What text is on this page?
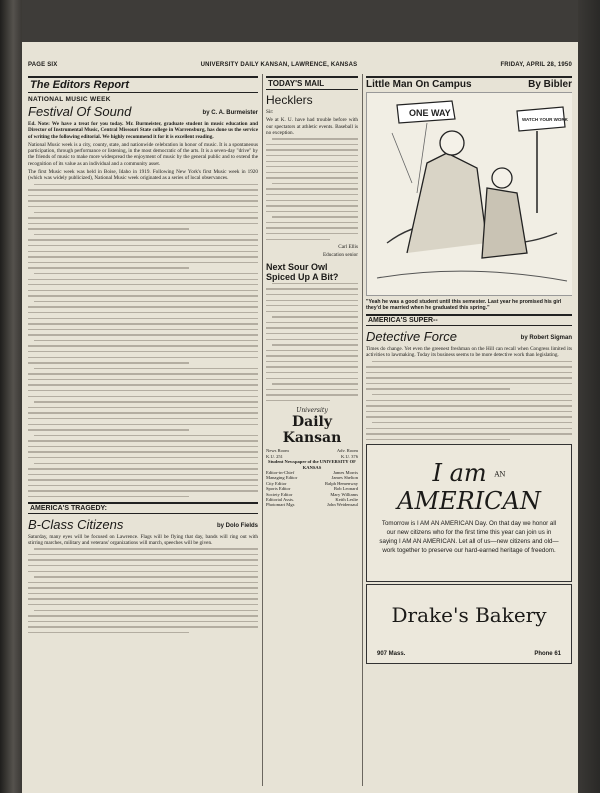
PAGE SIX	UNIVERSITY DAILY KANSAN, LAWRENCE, KANSAS	FRIDAY, APRIL 28, 1950
The Editors Report
NATIONAL MUSIC WEEK
Festival Of Sound	by C. A. Burmeister

Ed. Note: We have a treat for you today. Mr. Burmeister, graduate student in music education and Director of Instrumental Music, Central Missouri State college in Warrensburg, has done us the service of writing the following editorial. We highly recommend it for it is excellent reading.

National Music week is a city, county, state, and nationwide celebration in honor of music. It is a spontaneous participation, through performance or listening, in the most democratic of the arts. It is a seven-day "drive" by the friends of music to make more widespread the enjoyment of music by the general public and to extend the recognition of its value as an individual and a community asset.

The first Music week was held in Boise, Idaho in 1919. Following New York's first Music week in 1920 (which was widely publicized), National Music week originated as a series of local observances.

AMERICA'S TRAGEDY:
B-Class Citizens	by Dolo Fields

Saturday, many eyes will be focused on Lawrence. Flags will be flying that day, bands will ring out with stirring marches, military and veterans' organizations will march, speeches will be given.

TODAY'S MAIL
Hecklers

Sir:

We at K. U. have had trouble before with our spectators at athletic events. Baseball is no exception.

Carl Ellis

Education senior

Next Sour Owl Spiced Up A Bit?
University
Daily Kansan
News Room	Adv. Room
K.U. 251	K.U. 376
Student Newspaper of the UNIVERSITY OF KANSAS
Editor-in-Chief	James Morris
Managing Editor	James Shelton
City Editor	Ralph Hemenway
Sports Editor	Bob Leonard
Society Editor	Mary Williams
Editorial Assts.	Keith Leslie
Photomart Mgr.	John Weidensaul
Little Man On Campus	By Bibler
ONE WAY
WATCH YOUR WORK
"Yeah he was a good student until this semester. Last year he promised his girl they'd be married when he graduated this spring."
AMERICA'S SUPER--
Detective Force	by Robert Sigman

Times do change. Yet even the greenest freshman on the Hill can recall when Congress limited its activities to lawmaking. Today its business seems to be more detective work than legislating.

I am AN AMERICAN
Tomorrow is I AM AN AMERICAN Day. On that day we honor all our new citizens who for the first time this year can join us in saying I AM AN AMERICAN. Let all of us—new citizens and old—work together to preserve our hard-earned heritage of freedom.
Drake's Bakery
907 Mass.	Phone 61
